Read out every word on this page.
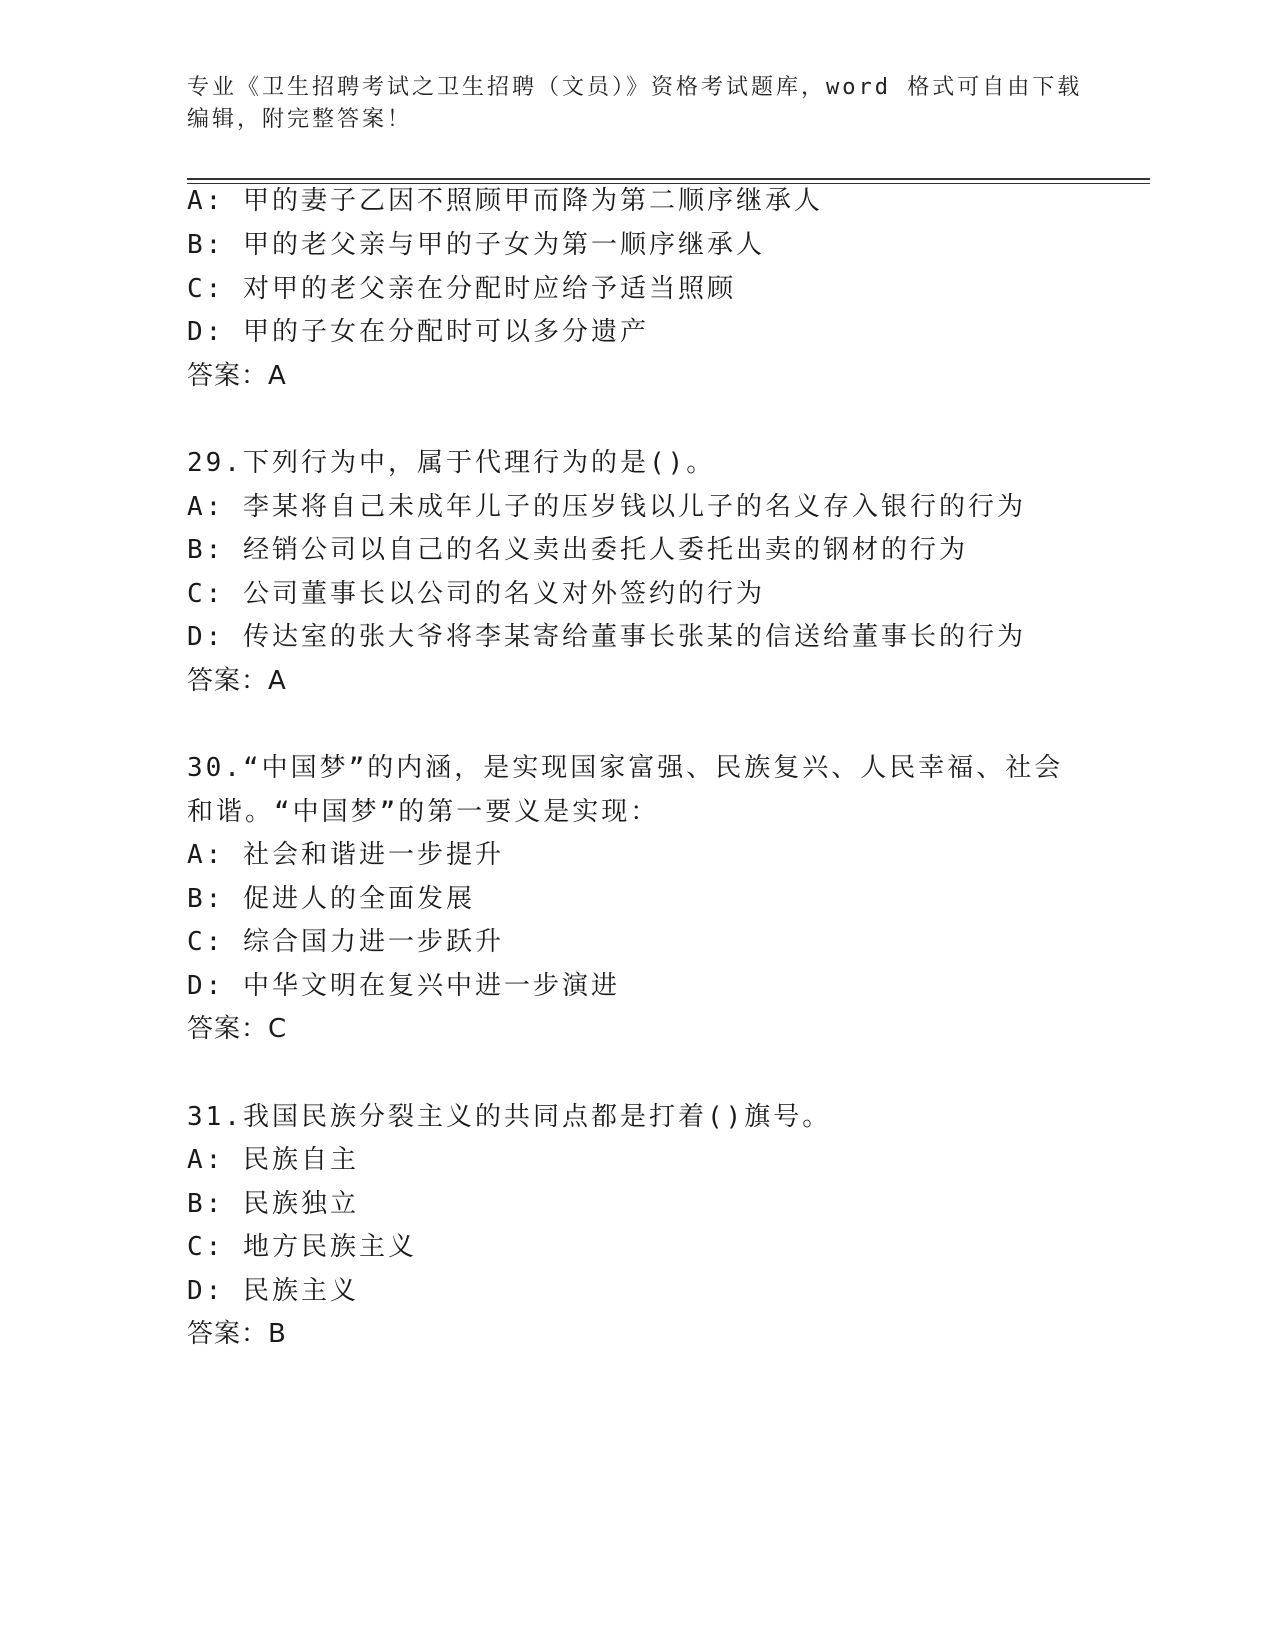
专业《卫生招聘考试之卫生招聘（文员）》资格考试题库，word 格式可自由下载
编辑，附完整答案！
A: 甲的妻子乙因不照顾甲而降为第二顺序继承人
B: 甲的老父亲与甲的子女为第一顺序继承人
C: 对甲的老父亲在分配时应给予适当照顾
D: 甲的子女在分配时可以多分遗产
答案：A
29.下列行为中，属于代理行为的是()。
A: 李某将自己未成年儿子的压岁钱以儿子的名义存入银行的行为
B: 经销公司以自己的名义卖出委托人委托出卖的钢材的行为
C: 公司董事长以公司的名义对外签约的行为
D: 传达室的张大爷将李某寄给董事长张某的信送给董事长的行为
答案：A
30.“中国梦”的内涵，是实现国家富强、民族复兴、人民幸福、社会
和谐。“中国梦”的第一要义是实现：
A: 社会和谐进一步提升
B: 促进人的全面发展
C: 综合国力进一步跃升
D: 中华文明在复兴中进一步演进
答案：C
31.我国民族分裂主义的共同点都是打着()旗号。
A: 民族自主
B: 民族独立
C: 地方民族主义
D: 民族主义
答案：B
